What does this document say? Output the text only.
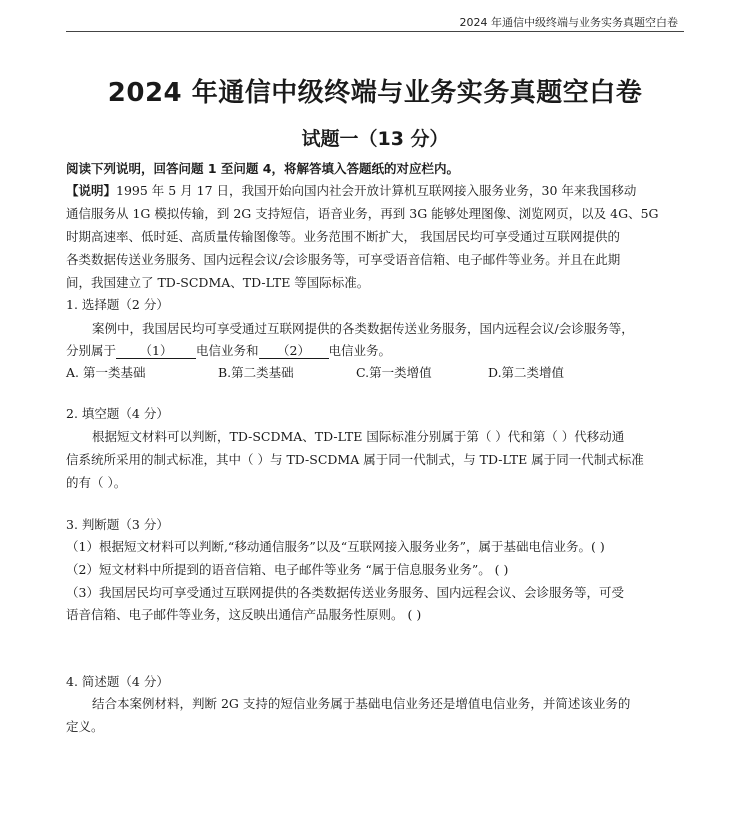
2024 年通信中级终端与业务实务真题空白卷
2024 年通信中级终端与业务实务真题空白卷
试题一（13 分）
阅读下列说明，回答问题 1 至问题 4，将解答填入答题纸的对应栏内。
【说明】1995 年 5 月 17 日，我国开始向国内社会开放计算机互联网接入服务业务，30 年来我国移动
通信服务从 1G 模拟传输，到 2G 支持短信，语音业务，再到 3G 能够处理图像、浏览网页，以及 4G、5G
时期高速率、低时延、高质量传输图像等。业务范围不断扩大， 我国居民均可享受通过互联网提供的
各类数据传送业务服务、国内远程会议/会诊服务等，可享受语音信箱、电子邮件等业务。并且在此期
间，我国建立了 TD-SCDMA、TD-LTE 等国际标准。
1. 选择题（2 分）
案例中，我国居民均可享受通过互联网提供的各类数据传送业务服务，国内远程会议/会诊服务等，
分别属于 （1） 电信业务和 （2） 电信业务。
A. 第一类基础	B.第二类基础	C.第一类增值	D.第二类增值
2. 填空题（4 分）
根据短文材料可以判断，TD-SCDMA、TD-LTE 国际标准分别属于第（ ）代和第（ ）代移动通
信系统所采用的制式标准，其中（ ）与 TD-SCDMA 属于同一代制式，与 TD-LTE 属于同一代制式标准
的有（ ）。
3. 判断题（3 分）
（1）根据短文材料可以判断,“移动通信服务”以及“互联网接入服务业务”，属于基础电信业务。( )
（2）短文材料中所提到的语音信箱、电子邮件等业务 “属于信息服务业务”。 ( )
（3）我国居民均可享受通过互联网提供的各类数据传送业务服务、国内远程会议、会诊服务等，可受
语音信箱、电子邮件等业务，这反映出通信产品服务性原则。 ( )
4. 简述题（4 分）
结合本案例材料，判断 2G 支持的短信业务属于基础电信业务还是增值电信业务，并简述该业务的
定义。
